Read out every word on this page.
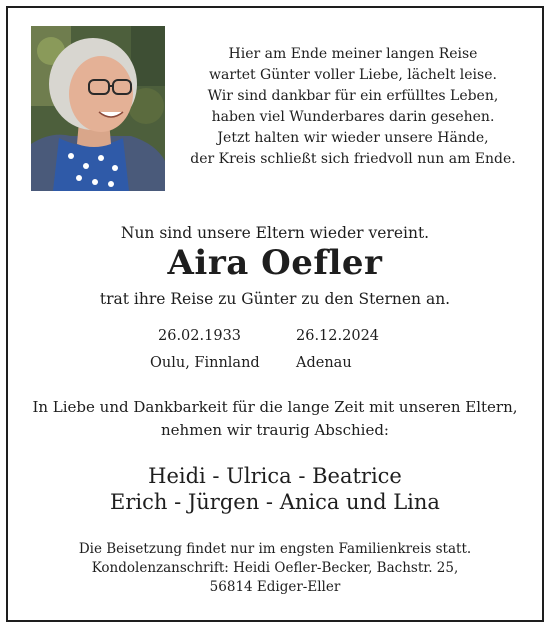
Hier am Ende meiner langen Reise
wartet Günter voller Liebe, lächelt leise.
Wir sind dankbar für ein erfülltes Leben,
haben viel Wunderbares darin gesehen.
Jetzt halten wir wieder unsere Hände,
der Kreis schließt sich friedvoll nun am Ende.
Nun sind unsere Eltern wieder vereint.
Aira Oefler
trat ihre Reise zu Günter zu den Sternen an.
26.02.1933	26.12.2024
Oulu, Finnland	Adenau
In Liebe und Dankbarkeit für die lange Zeit mit unseren Eltern,
nehmen wir traurig Abschied:
Heidi - Ulrica - Beatrice
Erich - Jürgen - Anica und Lina
Die Beisetzung findet nur im engsten Familienkreis statt.
Kondolenzanschrift: Heidi Oefler-Becker, Bachstr. 25,
56814 Ediger-Eller
